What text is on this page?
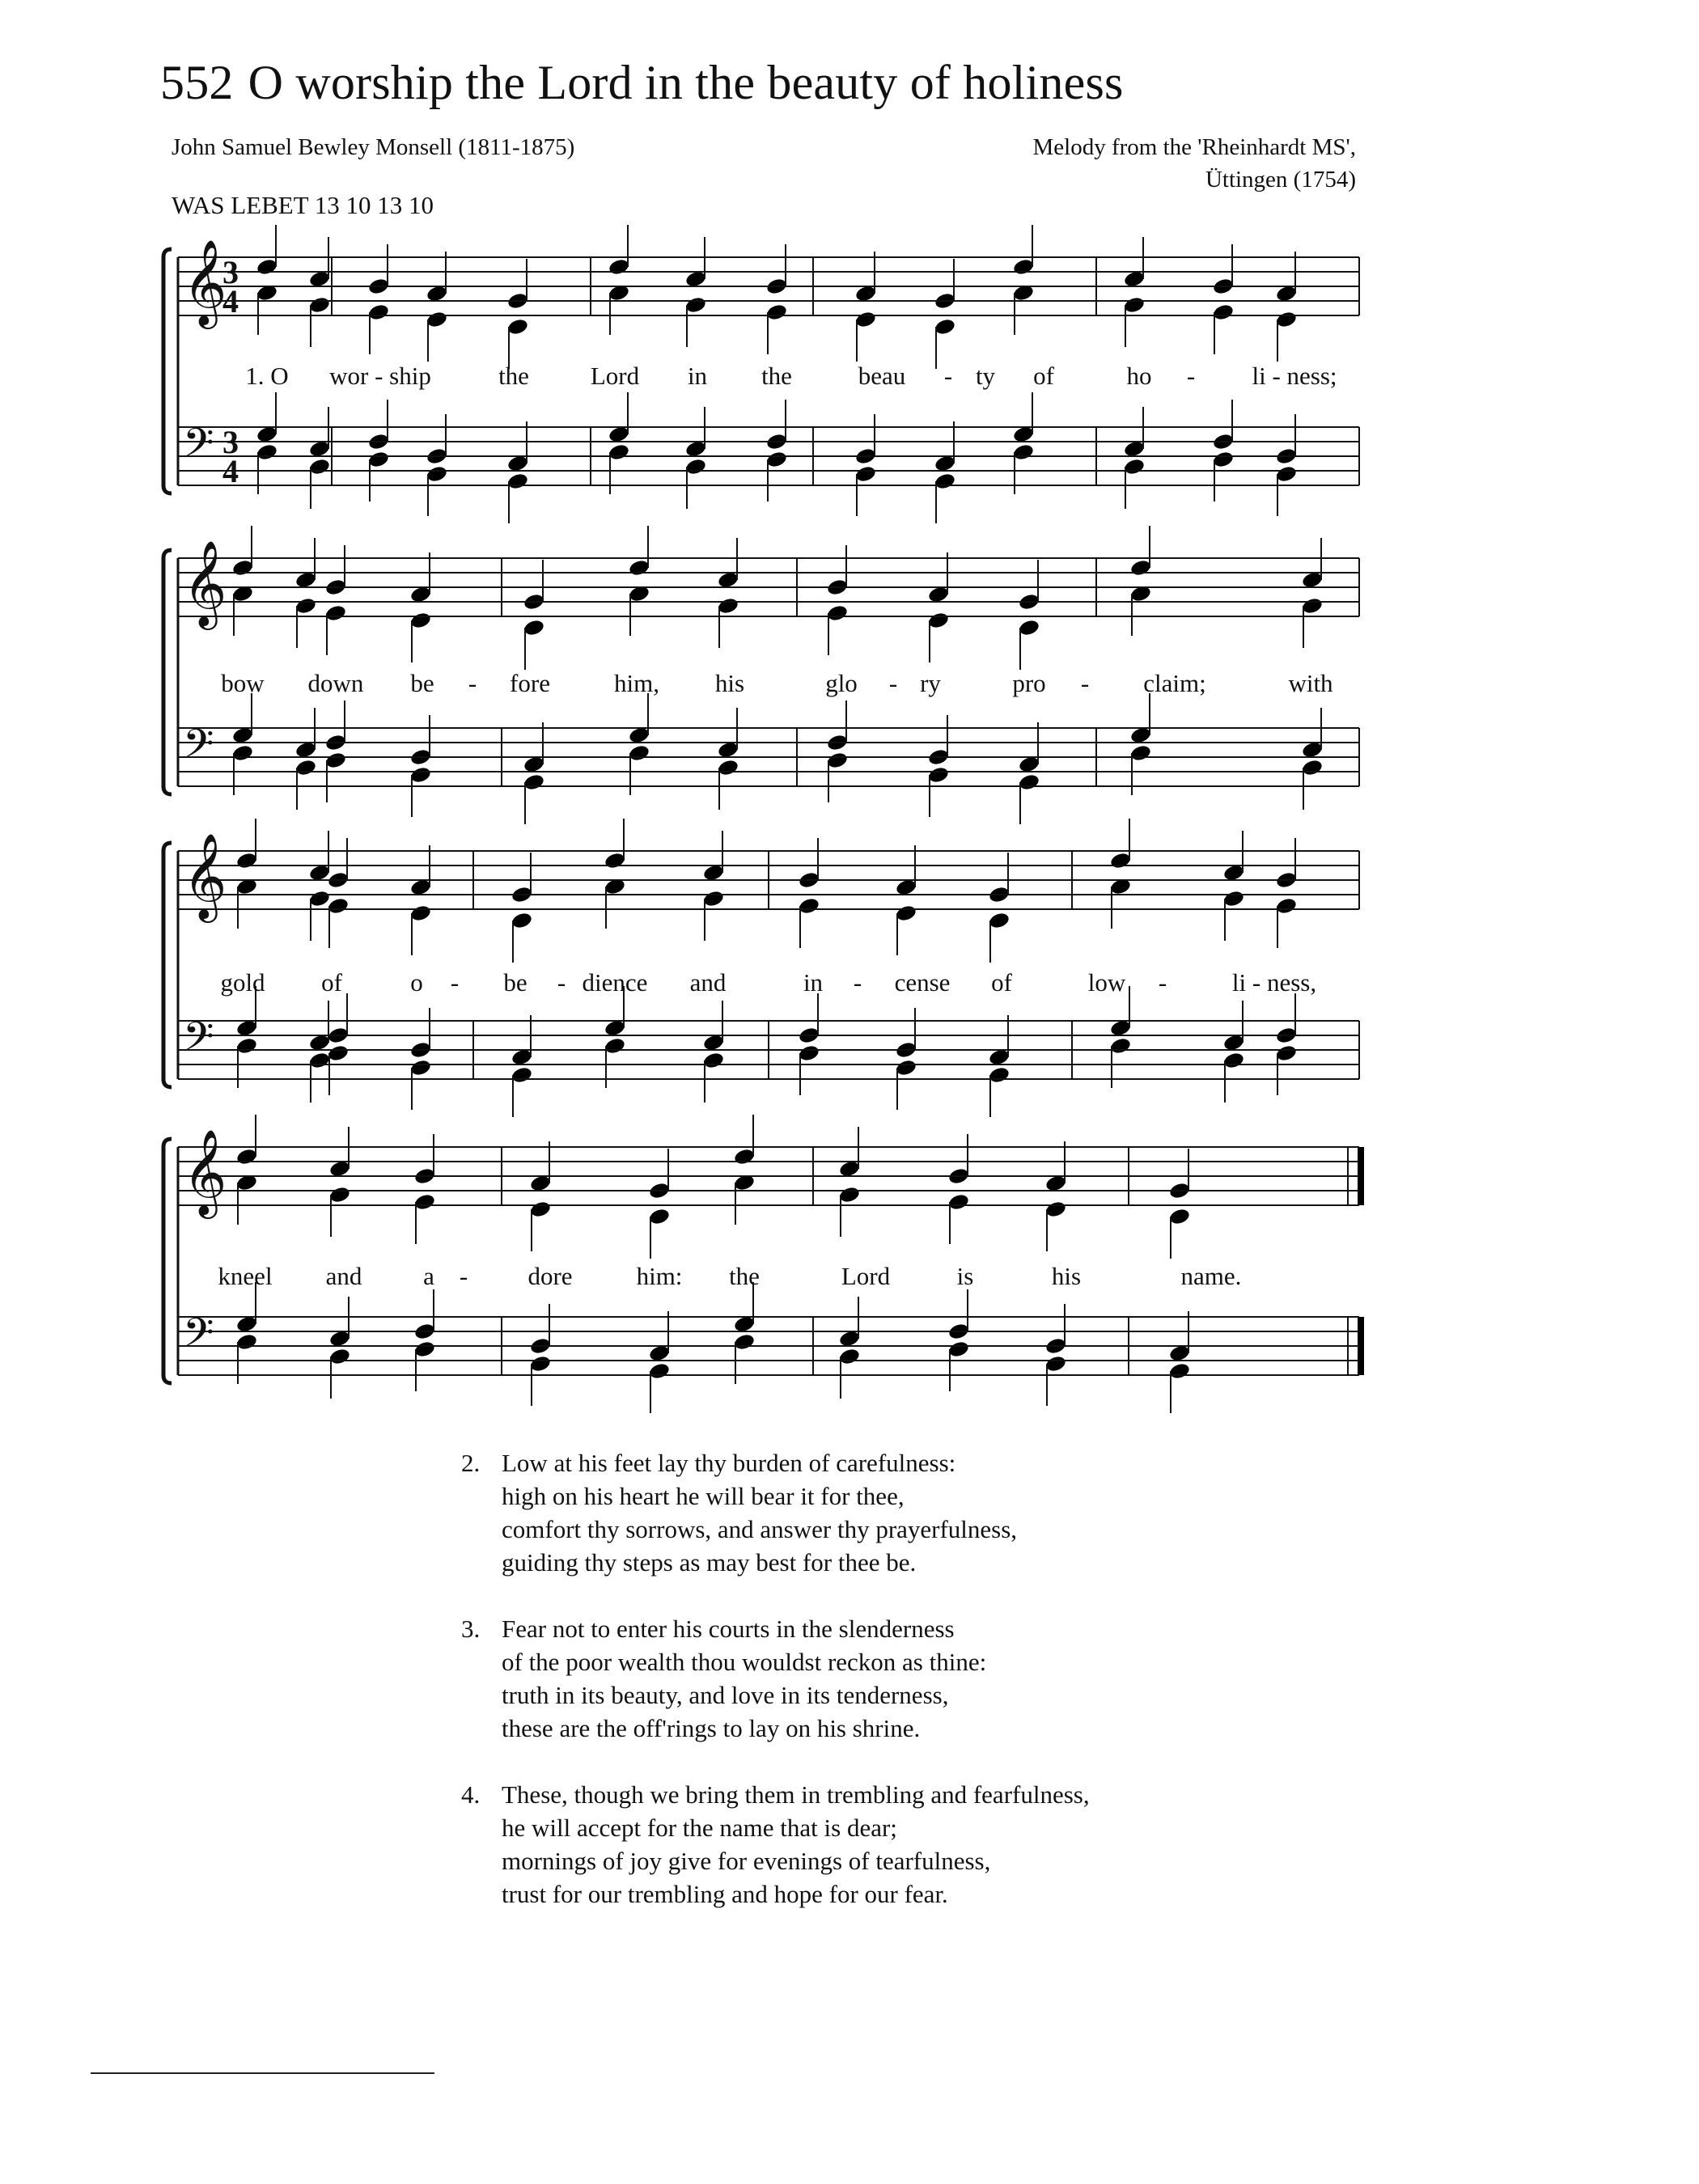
552 O worship the Lord in the beauty of holiness
John Samuel Bewley Monsell (1811-1875)	Melody from the 'Rheinhardt MS',
Üttingen (1754)
WAS LEBET 13 10 13 10
1. O wor - ship	the Lord in the	beau - ty of	ho - li - ness;
𝄞
3
4
𝄢 3
4
bow down be - fore	him, his	glo - ry	pro - claim;	with
𝄞
𝄢
gold of	o - be - dience and	in - cense of	low -	li - ness,
𝄞
𝄢
kneel and a - dore	him: the	Lord	is	his	name.
𝄞
𝄢
2. Low at his feet lay thy burden of carefulness:
high on his heart he will bear it for thee,
comfort thy sorrows, and answer thy prayerfulness,
guiding thy steps as may best for thee be.
3. Fear not to enter his courts in the slenderness
of the poor wealth thou wouldst reckon as thine:
truth in its beauty, and love in its tenderness,
these are the off'rings to lay on his shrine.
4. These, though we bring them in trembling and fearfulness,
he will accept for the name that is dear;
mornings of joy give for evenings of tearfulness,
trust for our trembling and hope for our fear.
